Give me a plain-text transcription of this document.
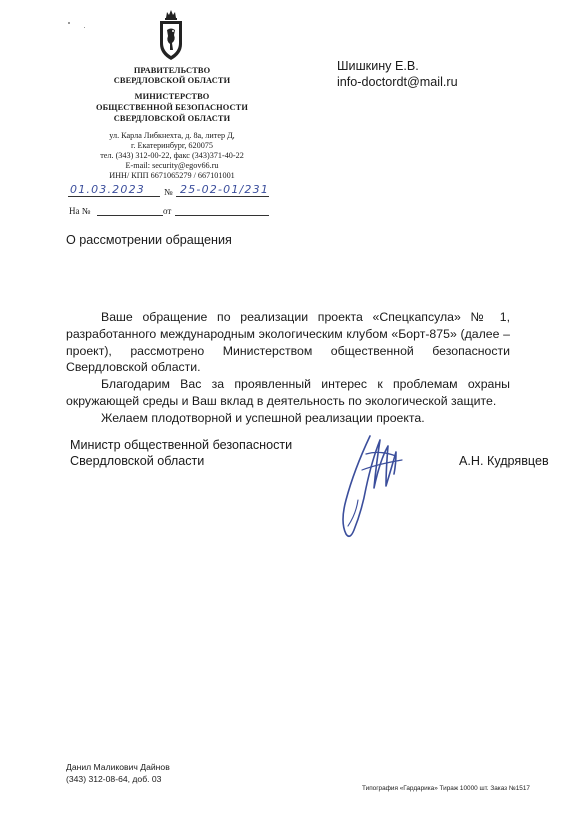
ПРАВИТЕЛЬСТВО
СВЕРДЛОВСКОЙ ОБЛАСТИ
МИНИСТЕРСТВО
ОБЩЕСТВЕННОЙ БЕЗОПАСНОСТИ
СВЕРДЛОВСКОЙ ОБЛАСТИ
ул. Карла Либкнехта, д. 8а, литер Д,
г. Екатеринбург, 620075
тел. (343) 312-00-22, факс (343)371-40-22
E-mail: security@egov66.ru
ИНН/ КПП 6671065279 / 667101001
01.03.2023 № 25-02-01/231
На №	от
Шишкину Е.В.
info-doctordt@mail.ru
О рассмотрении обращения

Ваше обращение по реализации проекта «Спецкапсула» № 1, разработанного международным экологическим клубом «Борт-875» (далее – проект), рассмотрено Министерством общественной безопасности Свердловской области.

Благодарим Вас за проявленный интерес к проблемам охраны окружающей среды и Ваш вклад в деятельность по экологической защите.

Желаем плодотворной и успешной реализации проекта.

Министр общественной безопасности
Свердловской области	А.Н. Кудрявцев
Данил Маликович Дайнов
(343) 312-08-64, доб. 03
Типография «Гардарика» Тираж 10000 шт. Заказ №1517
